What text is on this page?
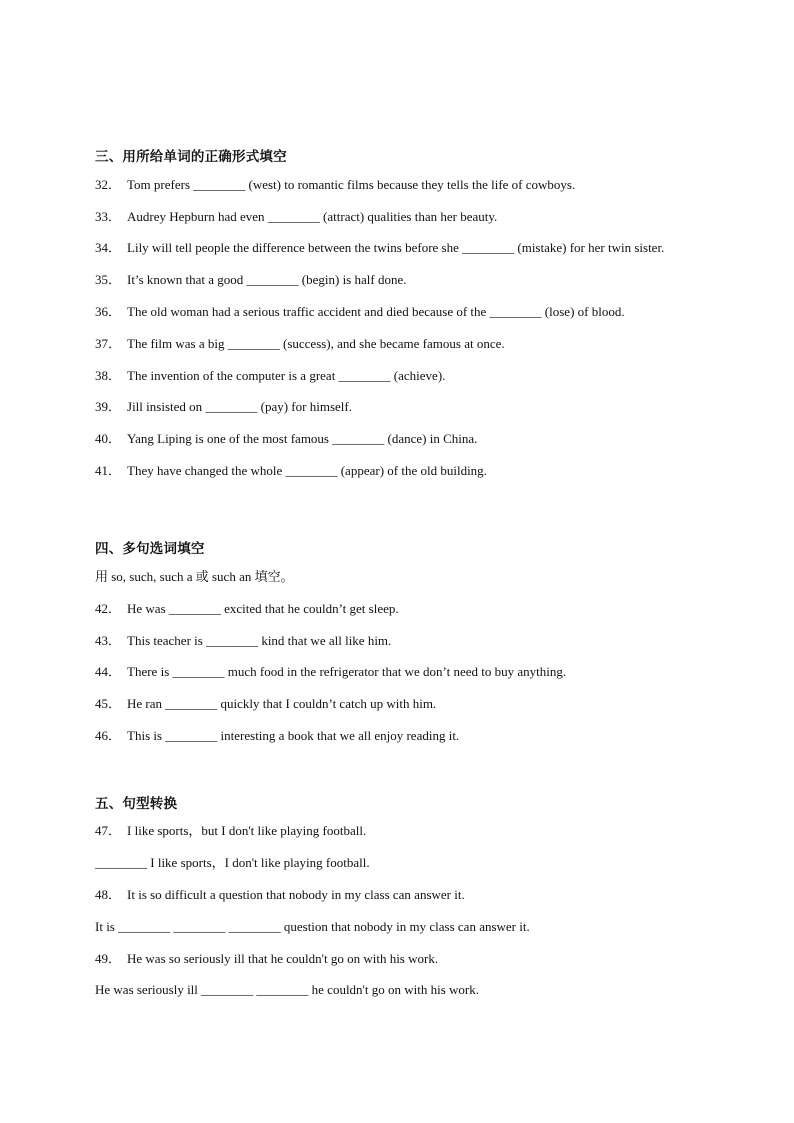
三、用所给单词的正确形式填空
32． Tom prefers ________ (west) to romantic films because they tells the life of cowboys.
33． Audrey Hepburn had even ________ (attract) qualities than her beauty.
34． Lily will tell people the difference between the twins before she ________ (mistake) for her twin sister.
35． It’s known that a good ________ (begin) is half done.
36． The old woman had a serious traffic accident and died because of the ________ (lose) of blood.
37． The film was a big ________ (success), and she became famous at once.
38． The invention of the computer is a great ________ (achieve).
39． Jill insisted on ________ (pay) for himself.
40． Yang Liping is one of the most famous ________ (dance) in China.
41． They have changed the whole ________ (appear) of the old building.
四、多句选词填空
用 so, such, such a 或 such an 填空。
42． He was ________ excited that he couldn’t get sleep.
43． This teacher is ________ kind that we all like him.
44． There is ________ much food in the refrigerator that we don’t need to buy anything.
45． He ran ________ quickly that I couldn’t catch up with him.
46． This is ________ interesting a book that we all enjoy reading it.
五、句型转换
47． I like sports，but I don't like playing football.
________ I like sports，I don't like playing football.
48． It is so difficult a question that nobody in my class can answer it.
It is ________ ________ ________ question that nobody in my class can answer it.
49． He was so seriously ill that he couldn't go on with his work.
He was seriously ill ________ ________ he couldn't go on with his work.
